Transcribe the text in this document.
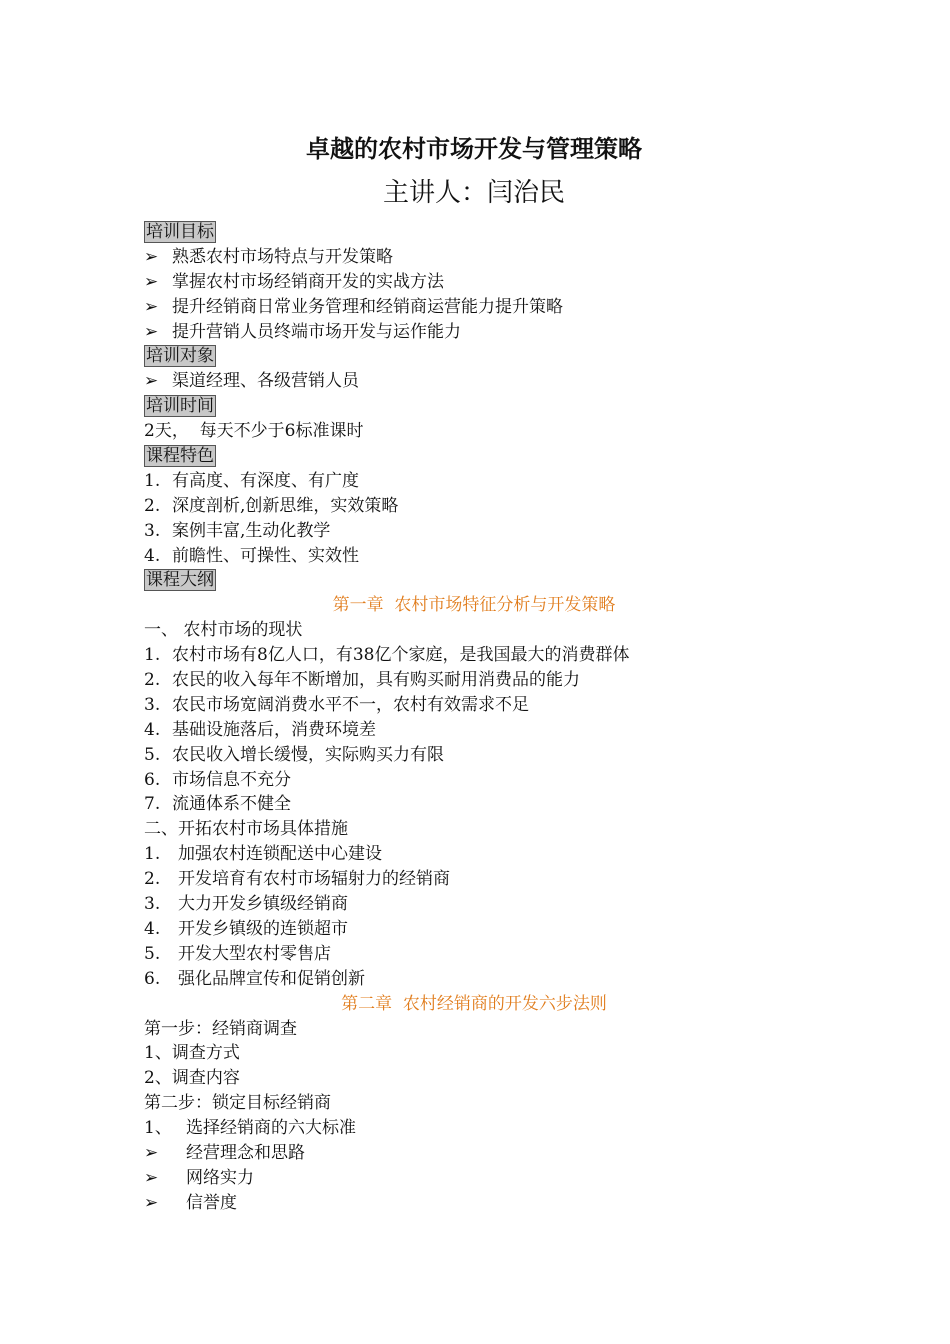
卓越的农村市场开发与管理策略
主讲人：闫治民
培训目标
➢ 熟悉农村市场特点与开发策略
➢ 掌握农村市场经销商开发的实战方法
➢ 提升经销商日常业务管理和经销商运营能力提升策略
➢ 提升营销人员终端市场开发与运作能力
培训对象
➢ 渠道经理、各级营销人员
培训时间
2天，  每天不少于6标准课时
课程特色
1. 有高度、有深度、有广度
2. 深度剖析,创新思维，实效策略
3. 案例丰富,生动化教学
4. 前瞻性、可操性、实效性
课程大纲
第一章  农村市场特征分析与开发策略
一、 农村市场的现状
1. 农村市场有8亿人口，有38亿个家庭，是我国最大的消费群体
2. 农民的收入每年不断增加，具有购买耐用消费品的能力
3. 农民市场宽阔消费水平不一，农村有效需求不足
4. 基础设施落后，消费环境差
5. 农民收入增长缓慢，实际购买力有限
6. 市场信息不充分
7. 流通体系不健全
二、开拓农村市场具体措施
1. 加强农村连锁配送中心建设
2. 开发培育有农村市场辐射力的经销商
3. 大力开发乡镇级经销商
4. 开发乡镇级的连锁超市
5. 开发大型农村零售店
6. 强化品牌宣传和促销创新
第二章  农村经销商的开发六步法则
第一步：经销商调查
1、调查方式
2、调查内容
第二步：锁定目标经销商
1、 选择经销商的六大标准
➢ 经营理念和思路
➢ 网络实力
➢ 信誉度
